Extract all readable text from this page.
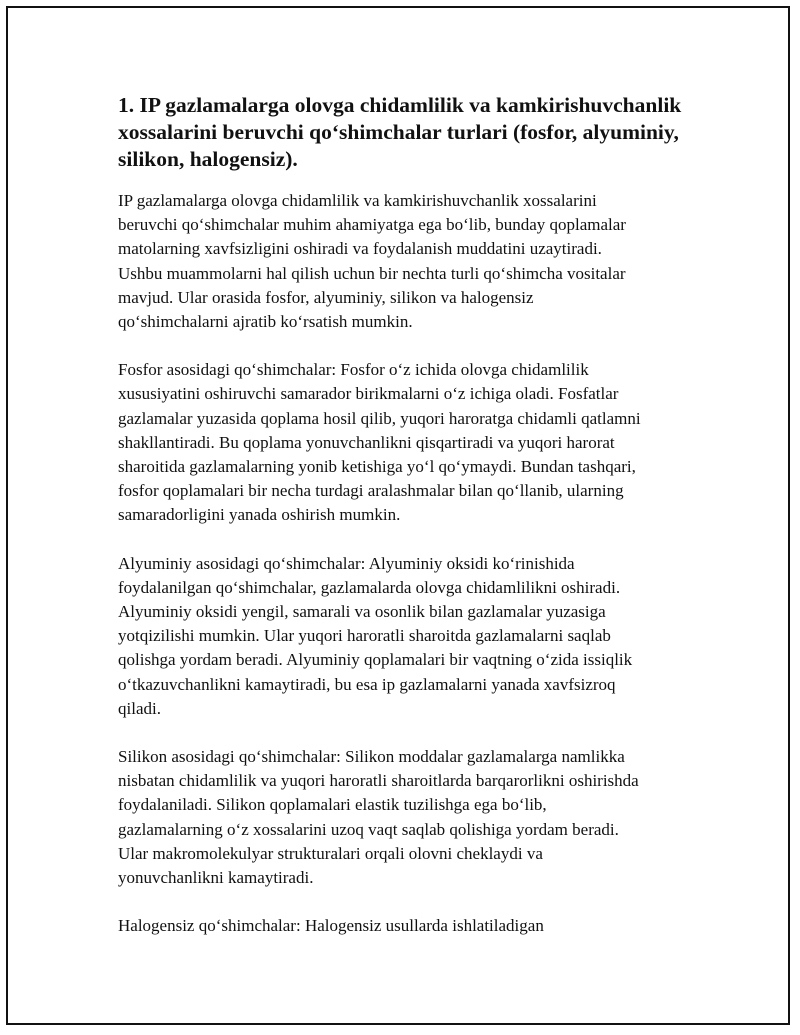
1. IP gazlamalarga olovga chidamlilik va kamkirishuvchanlik
xossalarini beruvchi qo‘shimchalar turlari (fosfor, alyuminiy,
silikon, halogensiz).

IP gazlamalarga olovga chidamlilik va kamkirishuvchanlik xossalarini
beruvchi qo‘shimchalar muhim ahamiyatga ega bo‘lib, bunday qoplamalar
matolarning xavfsizligini oshiradi va foydalanish muddatini uzaytiradi.
Ushbu muammolarni hal qilish uchun bir nechta turli qo‘shimcha vositalar
mavjud. Ular orasida fosfor, alyuminiy, silikon va halogensiz
qo‘shimchalarni ajratib ko‘rsatish mumkin.

Fosfor asosidagi qo‘shimchalar: Fosfor o‘z ichida olovga chidamlilik
xususiyatini oshiruvchi samarador birikmalarni o‘z ichiga oladi. Fosfatlar
gazlamalar yuzasida qoplama hosil qilib, yuqori haroratga chidamli qatlamni
shakllantiradi. Bu qoplama yonuvchanlikni qisqartiradi va yuqori harorat
sharoitida gazlamalarning yonib ketishiga yo‘l qo‘ymaydi. Bundan tashqari,
fosfor qoplamalari bir necha turdagi aralashmalar bilan qo‘llanib, ularning
samaradorligini yanada oshirish mumkin.

Alyuminiy asosidagi qo‘shimchalar: Alyuminiy oksidi ko‘rinishida
foydalanilgan qo‘shimchalar, gazlamalarda olovga chidamlilikni oshiradi.
Alyuminiy oksidi yengil, samarali va osonlik bilan gazlamalar yuzasiga
yotqizilishi mumkin. Ular yuqori haroratli sharoitda gazlamalarni saqlab
qolishga yordam beradi. Alyuminiy qoplamalari bir vaqtning o‘zida issiqlik
o‘tkazuvchanlikni kamaytiradi, bu esa ip gazlamalarni yanada xavfsizroq
qiladi.

Silikon asosidagi qo‘shimchalar: Silikon moddalar gazlamalarga namlikka
nisbatan chidamlilik va yuqori haroratli sharoitlarda barqarorlikni oshirishda
foydalaniladi. Silikon qoplamalari elastik tuzilishga ega bo‘lib,
gazlamalarning o‘z xossalarini uzoq vaqt saqlab qolishiga yordam beradi.
Ular makromolekulyar strukturalari orqali olovni cheklaydi va
yonuvchanlikni kamaytiradi.

Halogensiz qo‘shimchalar: Halogensiz usullarda ishlatiladigan
